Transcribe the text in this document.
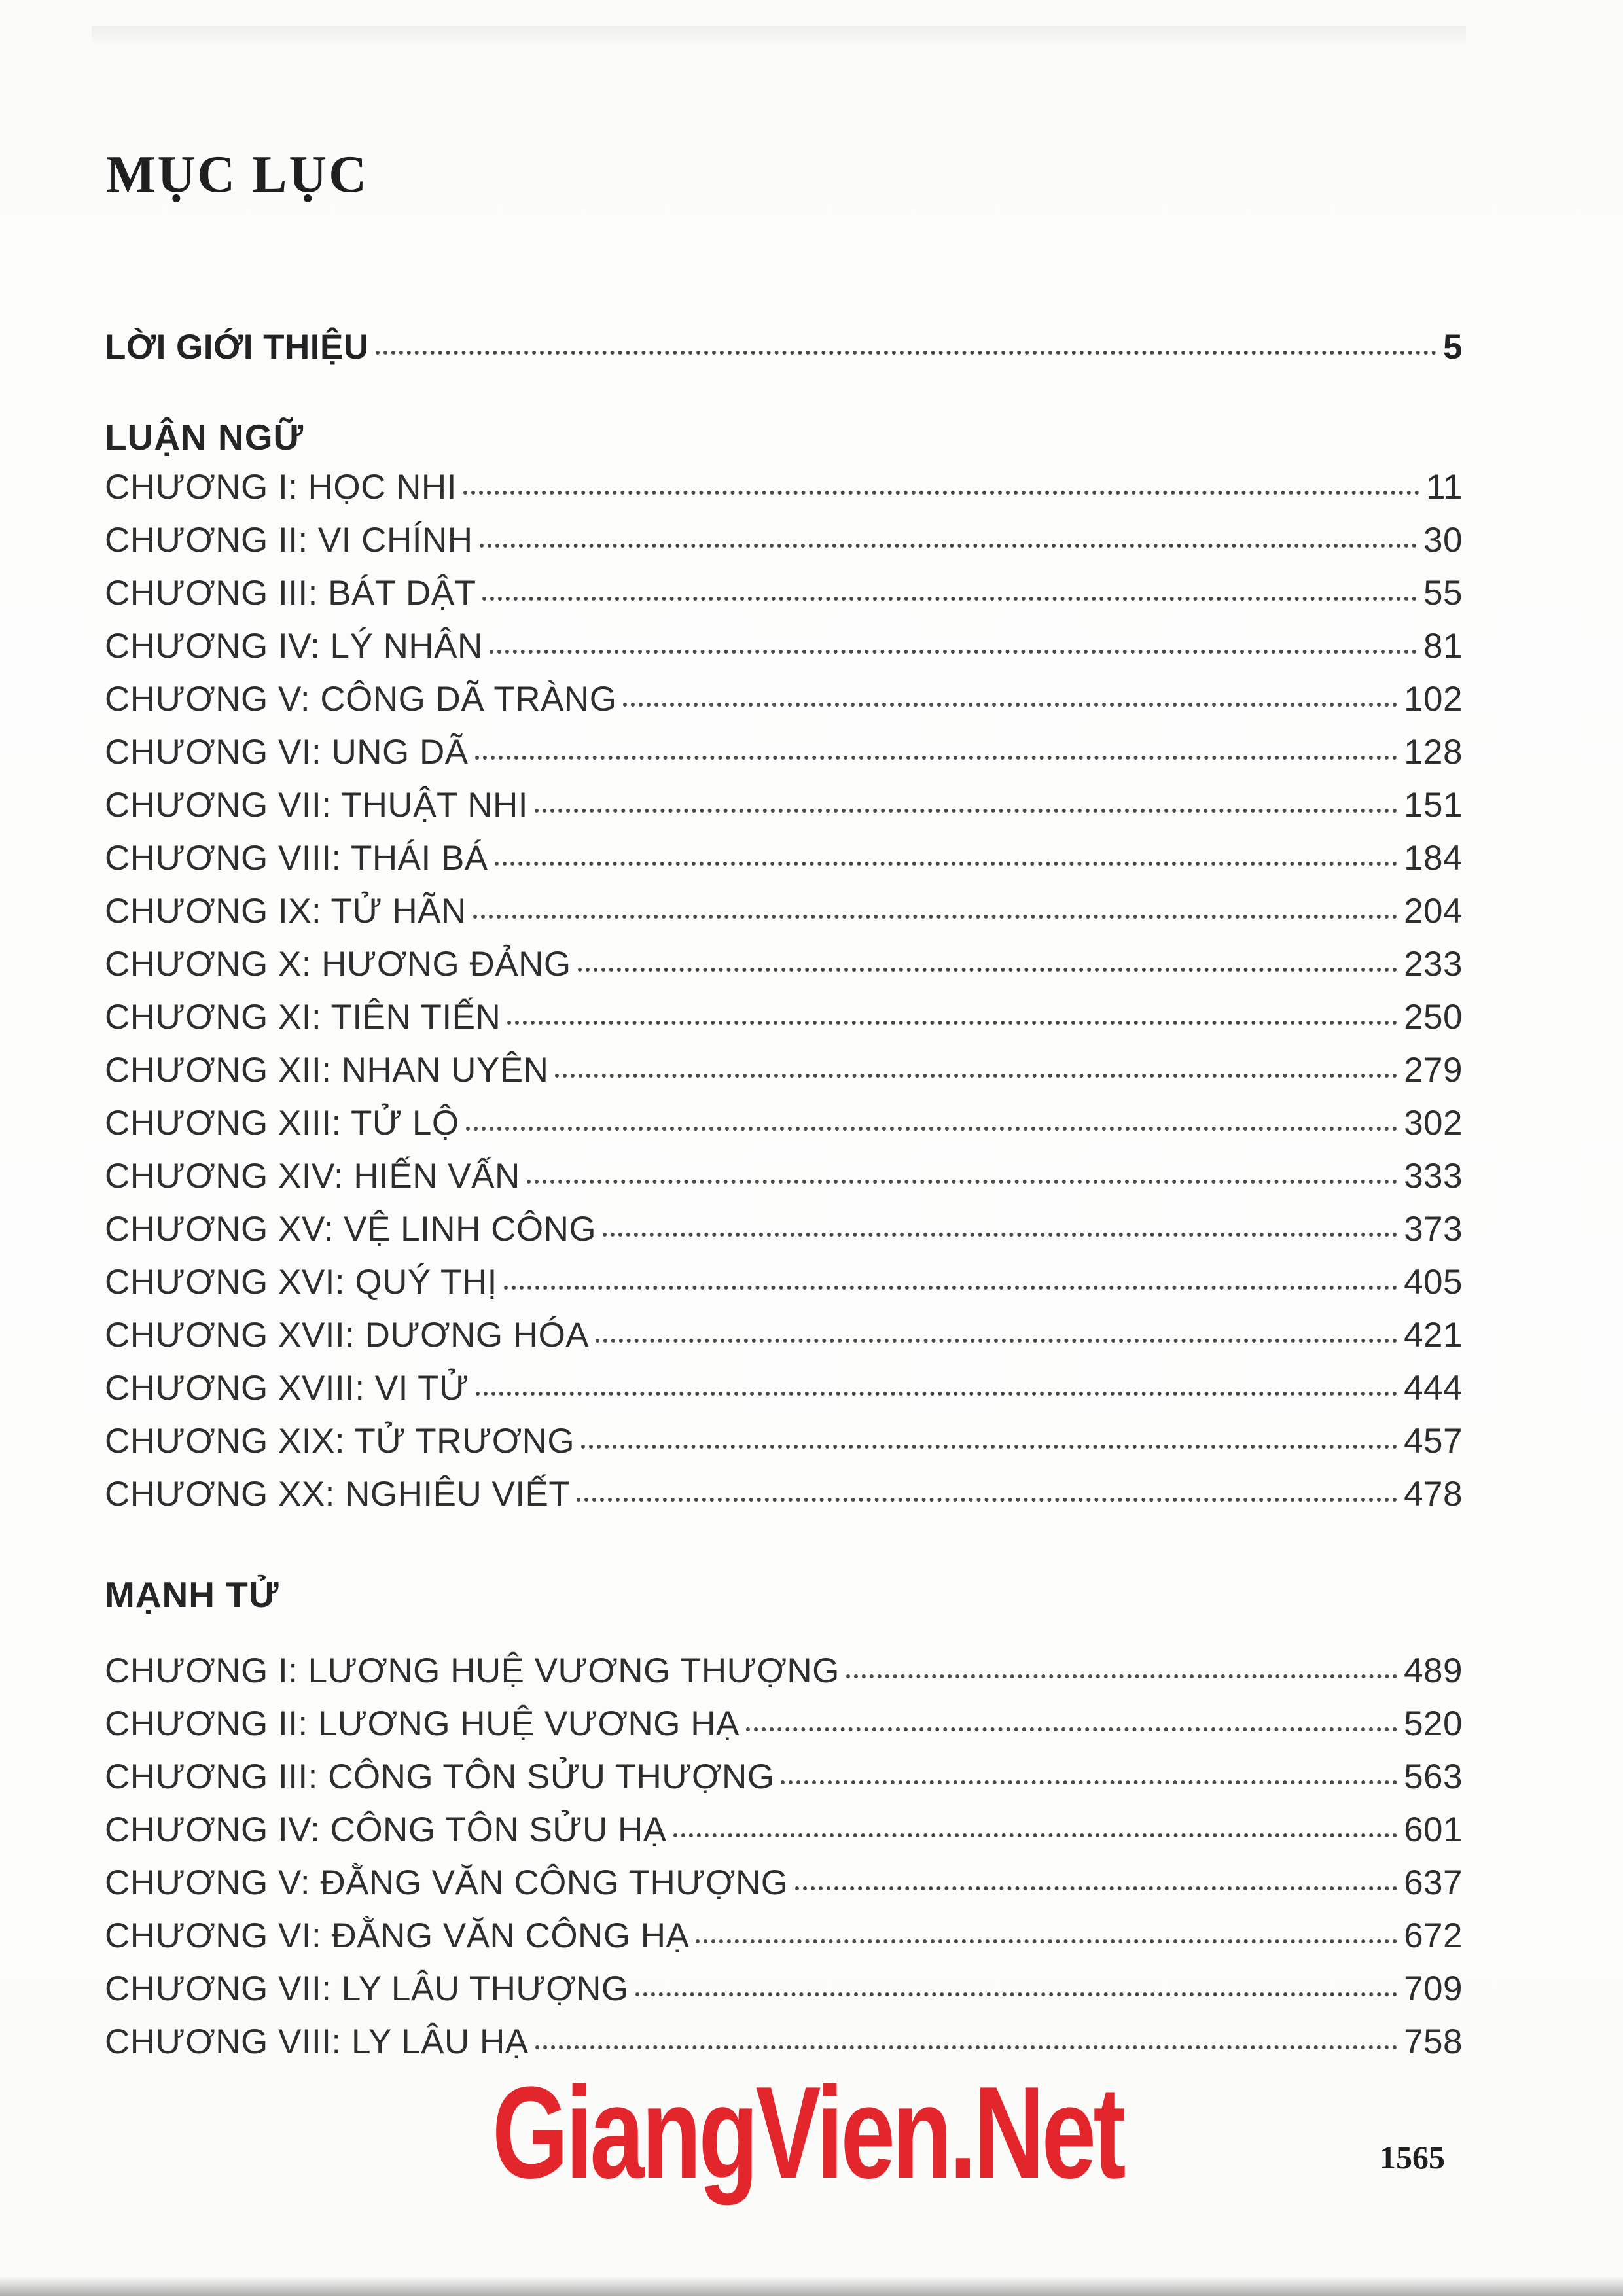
MỤC LỤC
LỜI GIỚI THIỆU	5
LUẬN NGỮ
CHƯƠNG I: HỌC NHI	11
CHƯƠNG II: VI CHÍNH	30
CHƯƠNG III: BÁT DẬT	55
CHƯƠNG IV: LÝ NHÂN	81
CHƯƠNG V: CÔNG DÃ TRÀNG	102
CHƯƠNG VI: UNG DÃ	128
CHƯƠNG VII: THUẬT NHI	151
CHƯƠNG VIII: THÁI BÁ	184
CHƯƠNG IX: TỬ HÃN	204
CHƯƠNG X: HƯƠNG ĐẢNG	233
CHƯƠNG XI: TIÊN TIẾN	250
CHƯƠNG XII: NHAN UYÊN	279
CHƯƠNG XIII: TỬ LỘ	302
CHƯƠNG XIV: HIẾN VẤN	333
CHƯƠNG XV: VỆ LINH CÔNG	373
CHƯƠNG XVI: QUÝ THỊ	405
CHƯƠNG XVII: DƯƠNG HÓA	421
CHƯƠNG XVIII: VI TỬ	444
CHƯƠNG XIX: TỬ TRƯƠNG	457
CHƯƠNG XX: NGHIÊU VIẾT	478
MẠNH TỬ
CHƯƠNG I: LƯƠNG HUỆ VƯƠNG THƯỢNG	489
CHƯƠNG II: LƯƠNG HUỆ VƯƠNG HẠ	520
CHƯƠNG III: CÔNG TÔN SỬU THƯỢNG	563
CHƯƠNG IV: CÔNG TÔN SỬU HẠ	601
CHƯƠNG V: ĐẰNG VĂN CÔNG THƯỢNG	637
CHƯƠNG VI: ĐẰNG VĂN CÔNG HẠ	672
CHƯƠNG VII: LY LÂU THƯỢNG	709
CHƯƠNG VIII: LY LÂU HẠ	758
GiangVien.Net	1565
